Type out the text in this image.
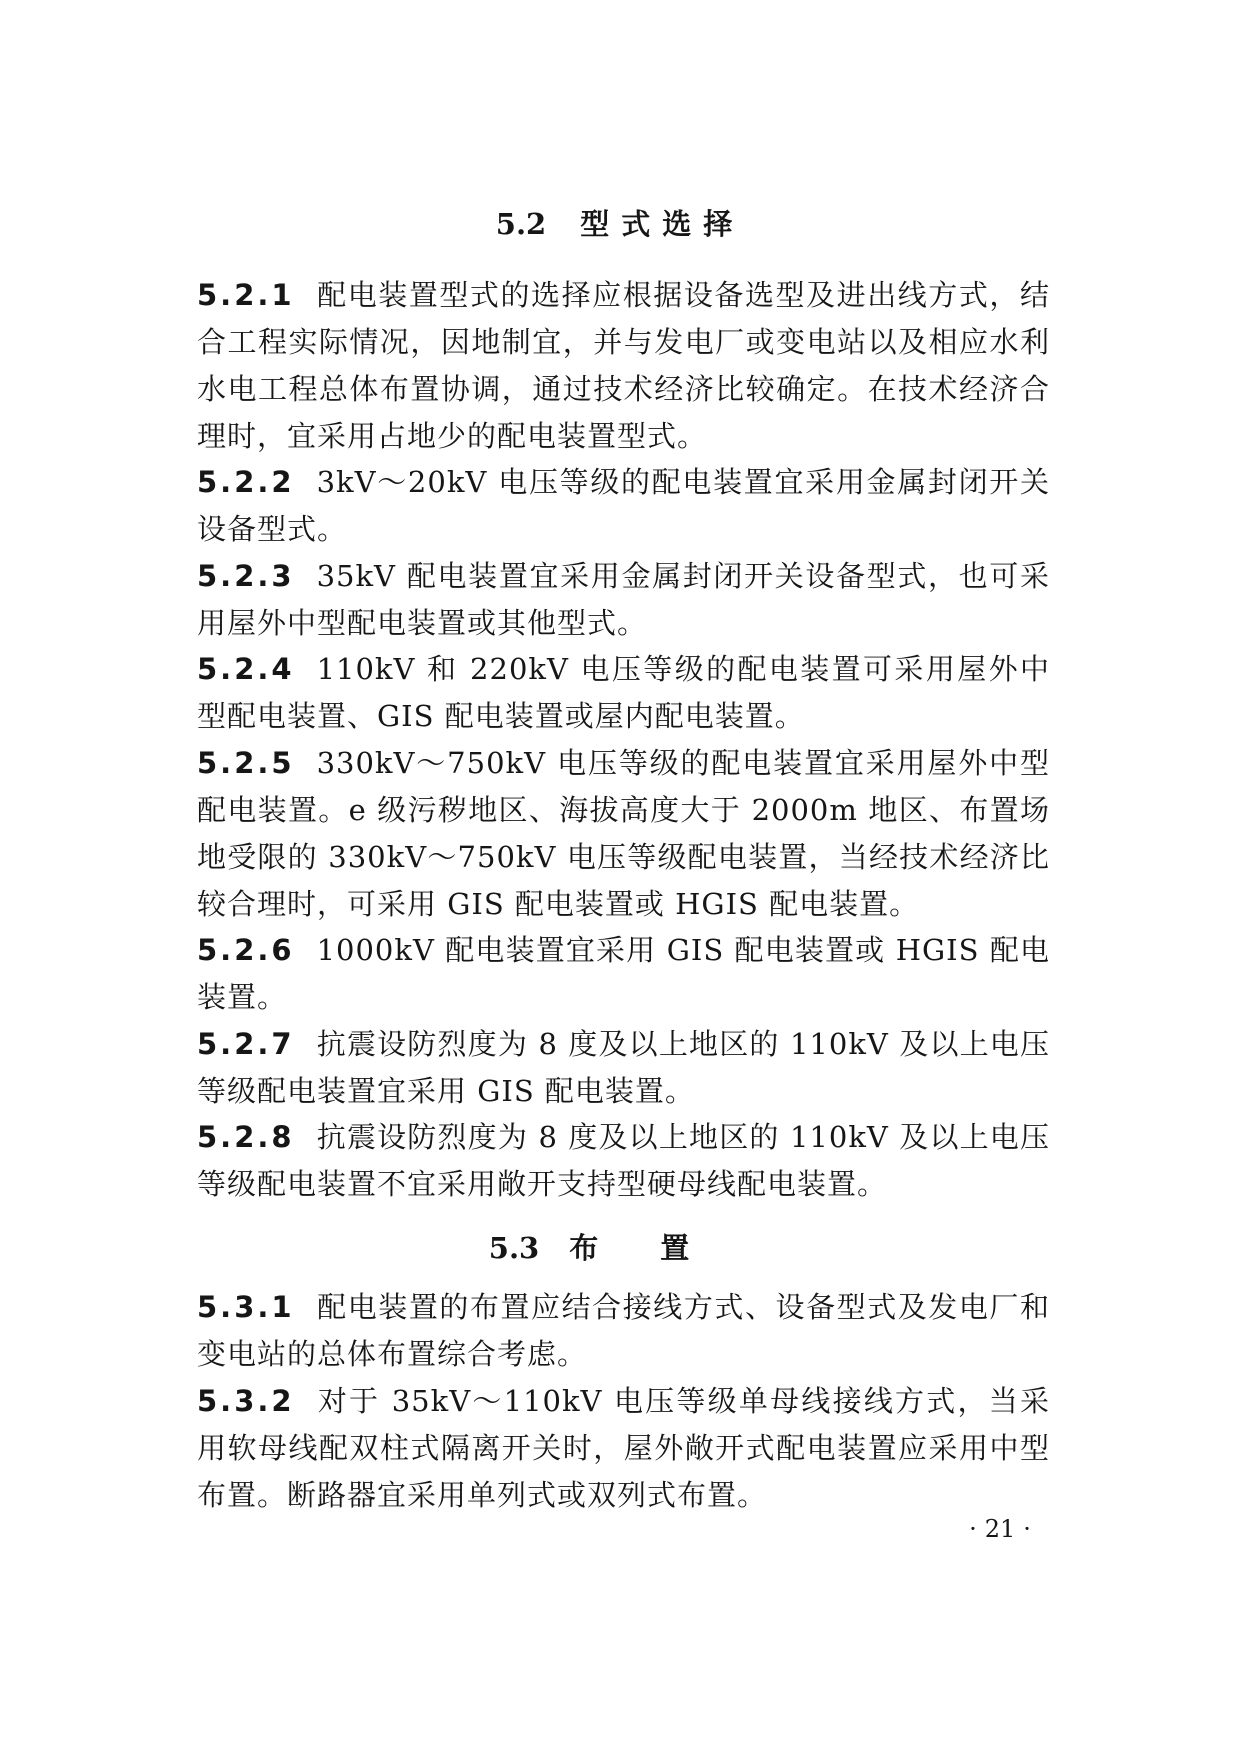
5.2 型式选择

5.2.1 配电装置型式的选择应根据设备选型及进出线方式，结合工程实际情况，因地制宜，并与发电厂或变电站以及相应水利水电工程总体布置协调，通过技术经济比较确定。在技术经济合理时，宜采用占地少的配电装置型式。

5.2.2 3kV～20kV 电压等级的配电装置宜采用金属封闭开关设备型式。

5.2.3 35kV 配电装置宜采用金属封闭开关设备型式，也可采用屋外中型配电装置或其他型式。

5.2.4 110kV 和 220kV 电压等级的配电装置可采用屋外中型配电装置、GIS 配电装置或屋内配电装置。

5.2.5 330kV～750kV 电压等级的配电装置宜采用屋外中型配电装置。e 级污秽地区、海拔高度大于 2000m 地区、布置场地受限的 330kV～750kV 电压等级配电装置，当经技术经济比较合理时，可采用 GIS 配电装置或 HGIS 配电装置。

5.2.6 1000kV 配电装置宜采用 GIS 配电装置或 HGIS 配电装置。

5.2.7 抗震设防烈度为 8 度及以上地区的 110kV 及以上电压等级配电装置宜采用 GIS 配电装置。

5.2.8 抗震设防烈度为 8 度及以上地区的 110kV 及以上电压等级配电装置不宜采用敞开支持型硬母线配电装置。

5.3 布置

5.3.1 配电装置的布置应结合接线方式、设备型式及发电厂和变电站的总体布置综合考虑。

5.3.2 对于 35kV～110kV 电压等级单母线接线方式，当采用软母线配双柱式隔离开关时，屋外敞开式配电装置应采用中型布置。断路器宜采用单列式或双列式布置。

· 21 ·
